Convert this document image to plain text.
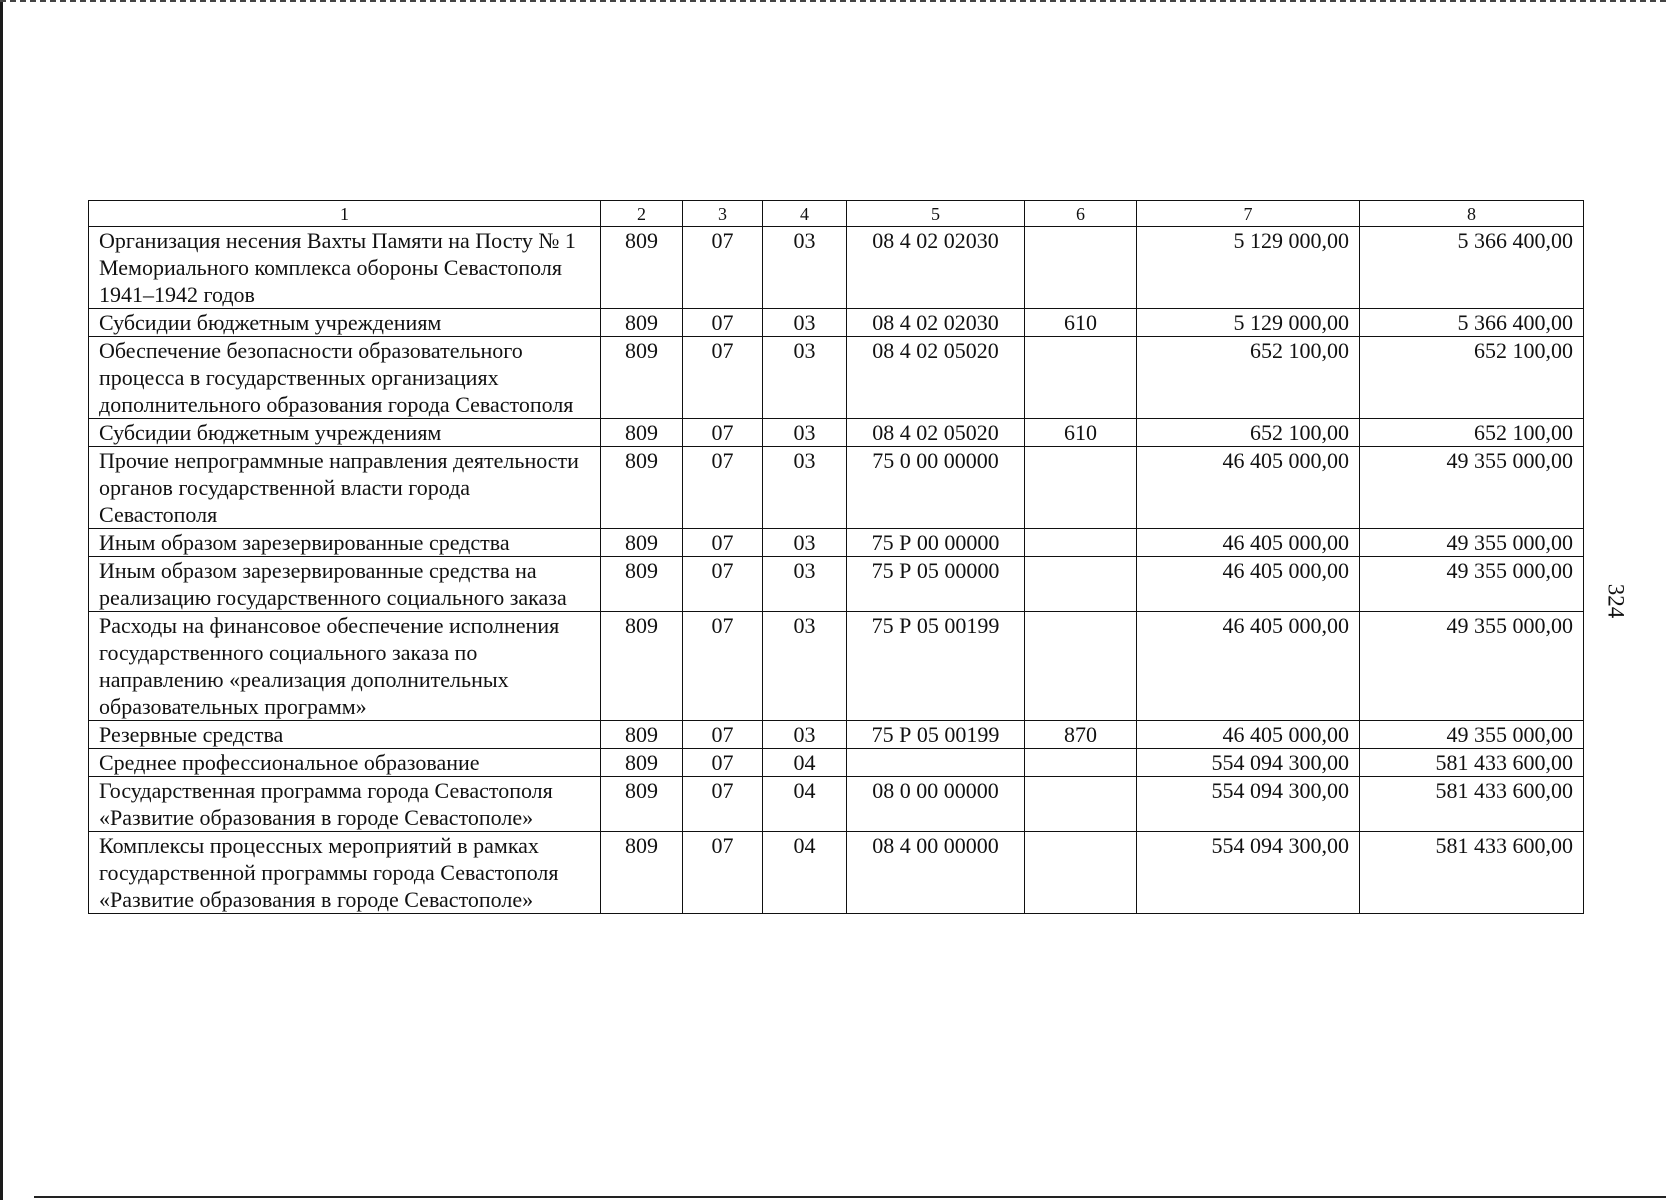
324
1	2	3	4	5	6	7	8
Организация несения Вахты Памяти на Посту № 1 Мемориального комплекса обороны Севастополя 1941–1942 годов	809	07	03	08 4 02 02030		5 129 000,00	5 366 400,00
Субсидии бюджетным учреждениям	809	07	03	08 4 02 02030	610	5 129 000,00	5 366 400,00
Обеспечение безопасности образовательного процесса в государственных организациях дополнительного образования города Севастополя	809	07	03	08 4 02 05020		652 100,00	652 100,00
Субсидии бюджетным учреждениям	809	07	03	08 4 02 05020	610	652 100,00	652 100,00
Прочие непрограммные направления деятельности органов государственной власти города Севастополя	809	07	03	75 0 00 00000		46 405 000,00	49 355 000,00
Иным образом зарезервированные средства	809	07	03	75 Р 00 00000		46 405 000,00	49 355 000,00
Иным образом зарезервированные средства на реализацию государственного социального заказа	809	07	03	75 Р 05 00000		46 405 000,00	49 355 000,00
Расходы на финансовое обеспечение исполнения государственного социального заказа по направлению «реализация дополнительных образовательных программ»	809	07	03	75 Р 05 00199		46 405 000,00	49 355 000,00
Резервные средства	809	07	03	75 Р 05 00199	870	46 405 000,00	49 355 000,00
Среднее профессиональное образование	809	07	04			554 094 300,00	581 433 600,00
Государственная программа города Севастополя «Развитие образования в городе Севастополе»	809	07	04	08 0 00 00000		554 094 300,00	581 433 600,00
Комплексы процессных мероприятий в рамках государственной программы города Севастополя «Развитие образования в городе Севастополе»	809	07	04	08 4 00 00000		554 094 300,00	581 433 600,00
